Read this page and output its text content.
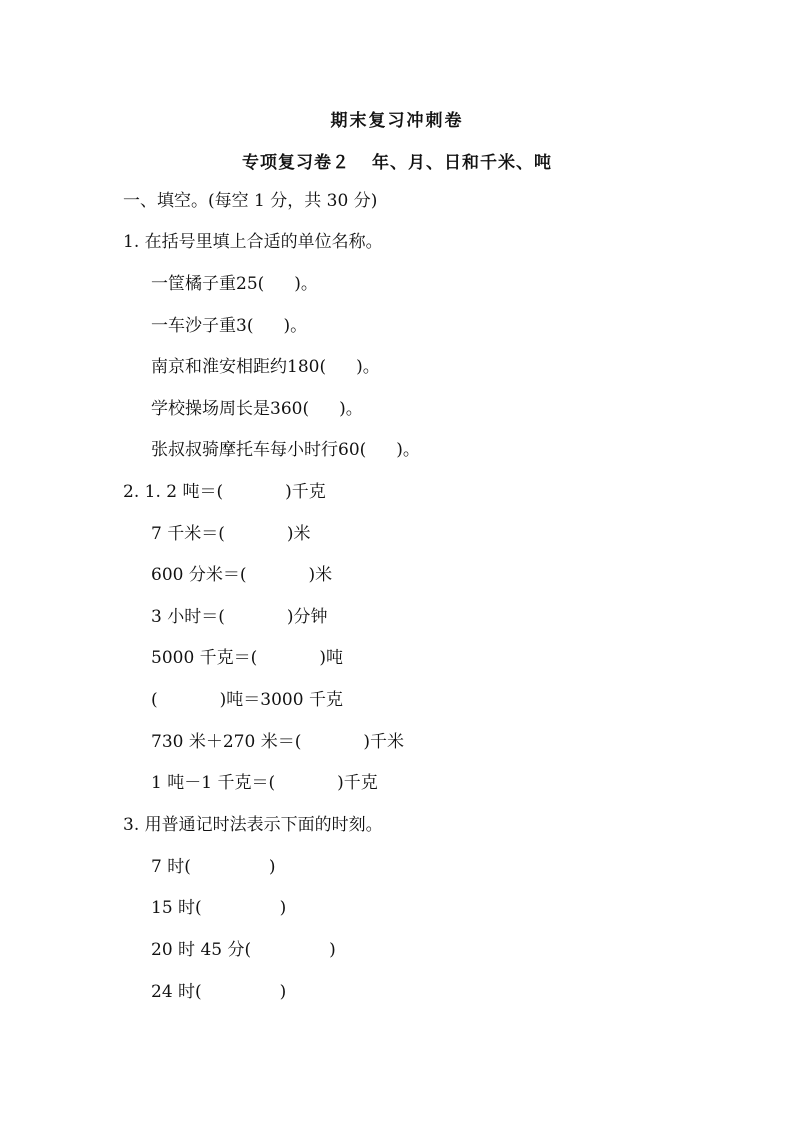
期末复习冲刺卷
专项复习卷２ 年、月、日和千米、吨
一、填空。(每空 1 分，共 30 分)
1. 在括号里填上合适的单位名称。
一筐橘子重25( )。
一车沙子重3( )。
南京和淮安相距约180( )。
学校操场周长是360( )。
张叔叔骑摩托车每小时行60( )。
2. 1. 2 吨＝(	)千克
7 千米＝(	)米
600 分米＝(	)米
3 小时＝(	)分钟
5000 千克＝(	)吨
(	)吨＝3000 千克
730 米＋270 米＝(	)千米
1 吨－1 千克＝(	)千克
3. 用普通记时法表示下面的时刻。
7 时(	)
15 时(	)
20 时 45 分(	)
24 时(	)
